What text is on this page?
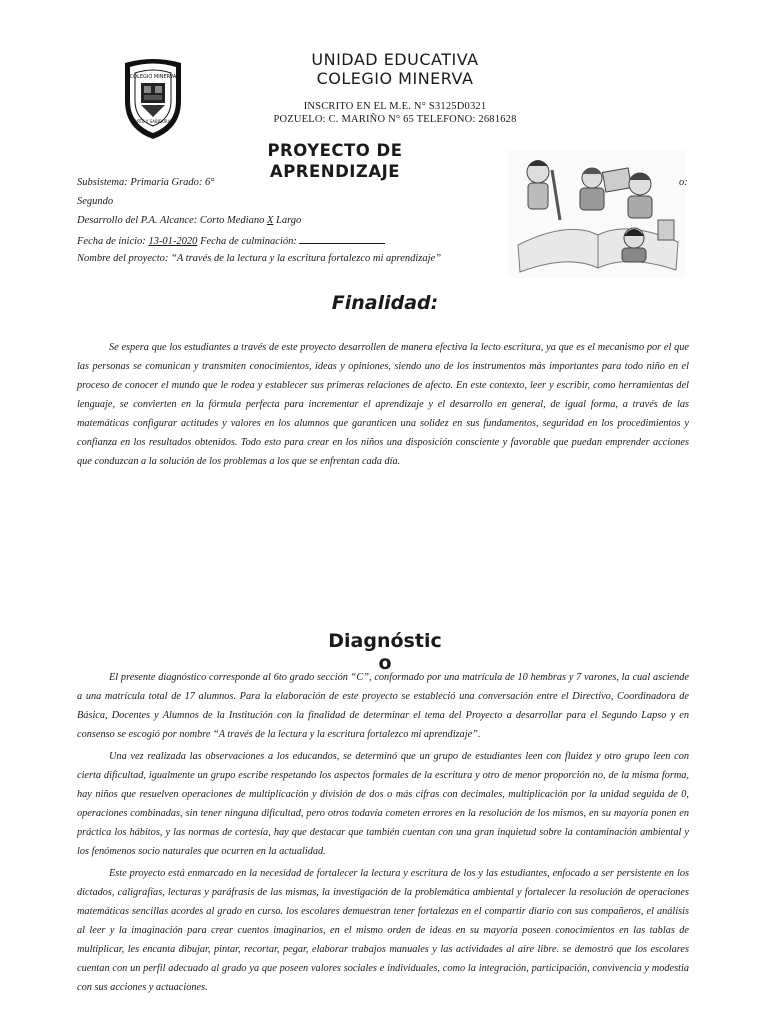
COLEGIO MINERVA
ARTE Y SABIDURIA
UNIDAD EDUCATIVA
COLEGIO MINERVA
INSCRITO EN EL M.E. N° S3125D0321
POZUELO: C. MARIÑO N° 65 TELEFONO: 2681628
PROYECTO DE
APRENDIZAJE
Subsistema: Primaria Grado: 6°	o:
Segundo
Desarrollo del P.A. Alcance: Corto Mediano X Largo
Fecha de inicio: 13-01-2020 Fecha de culminación:
Nombre del proyecto: “A través de la lectura y la escritura fortalezco mi aprendizaje”
Finalidad:

Se espera que los estudiantes a través de este proyecto desarrollen de manera efectiva la lecto escritura, ya que es el mecanismo por el que las personas se comunican y transmiten conocimientos, ideas y opiniones, siendo uno de los instrumentos más importantes para todo niño en el proceso de conocer el mundo que le rodea y establecer sus primeras relaciones de afecto. En este contexto, leer y escribir, como herramientas del lenguaje, se convierten en la fórmula perfecta para incrementar el aprendizaje y el desarrollo en general, de igual forma, a través de las matemáticas configurar actitudes y valores en los alumnos que garanticen una solidez en sus fundamentos, seguridad en los procedimientos y confianza en los resultados obtenidos. Todo esto para crear en los niños una disposición consciente y favorable que puedan emprender acciones que conduzcan a la solución de los problemas a los que se enfrentan cada día.

Diagnóstic
o

El presente diagnóstico corresponde al 6to grado sección “C”, conformado por una matrícula de 10 hembras y 7 varones, la cual asciende a una matrícula total de 17 alumnos. Para la elaboración de este proyecto se estableció una conversación entre el Directivo, Coordinadora de Básica, Docentes y Alumnos de la Institución con la finalidad de determinar el tema del Proyecto a desarrollar para el Segundo Lapso y en consenso se escogió por nombre “A través de la lectura y la escritura fortalezco mi aprendizaje”.

Una vez realizada las observaciones a los educandos, se determinó que un grupo de estudiantes leen con fluidez y otro grupo leen con cierta dificultad, igualmente un grupo escribe respetando los aspectos formales de la escritura y otro de menor proporción no, de la misma forma, hay niños que resuelven operaciones de multiplicación y división de dos o más cifras con decimales, multiplicación por la unidad seguida de 0, operaciones combinadas, sin tener ninguna dificultad, pero otros todavía cometen errores en la resolución de los mismos, en su mayoría ponen en práctica los hábitos, y las normas de cortesía, hay que destacar que también cuentan con una gran inquietud sobre la contaminación ambiental y los fenómenos socio naturales que ocurren en la actualidad.

Este proyecto está enmarcado en la necesidad de fortalecer la lectura y escritura de los y las estudiantes, enfocado a ser persistente en los dictados, caligrafías, lecturas y paráfrasis de las mismas, la investigación de la problemática ambiental y fortalecer la resolución de operaciones matemáticas sencillas acordes al grado en curso. los escolares demuestran tener fortalezas en el compartir diario con sus compañeros, el análisis al leer y la imaginación para crear cuentos imaginarios, en el mismo orden de ideas en su mayoría poseen conocimientos en las tablas de multiplicar, les encanta dibujar, pintar, recortar, pegar, elaborar trabajos manuales y las actividades al aire libre. se demostró que los escolares cuentan con un perfil adecuado al grado ya que poseen valores sociales e individuales, como la integración, participación, convivencia y modestia con sus acciones y actuaciones.
